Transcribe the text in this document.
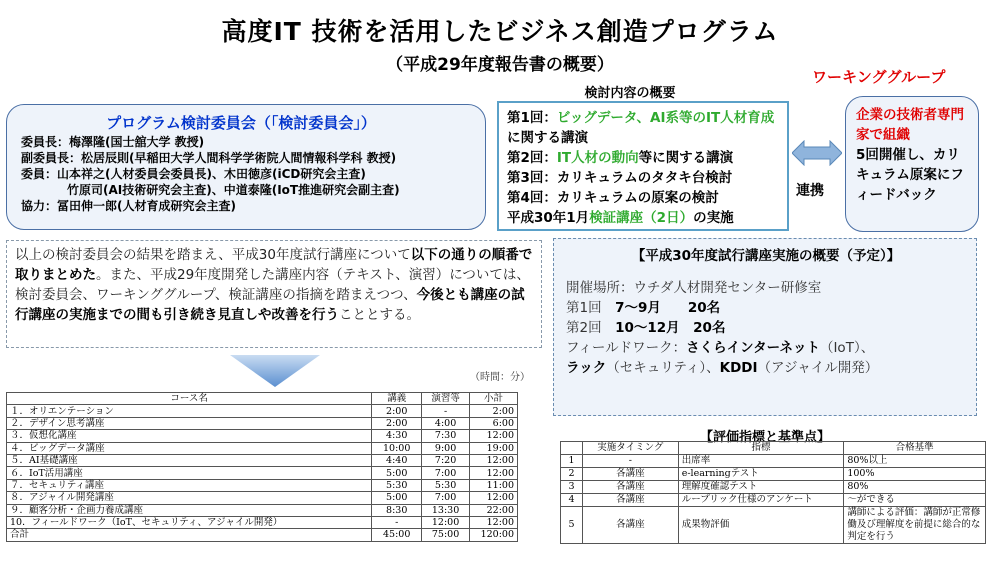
高度IT 技術を活用したビジネス創造プログラム
（平成29年度報告書の概要）
ワーキンググループ
検討内容の概要
プログラム検討委員会（「検討委員会」）
委員長：梅澤隆(国士舘大学 教授)
副委員長：松居辰則(早稲田大学人間科学学術院人間情報科学科 教授)
委員：山本祥之(人材委員会委員長)、木田徳彦(iCD研究会主査)
竹原司(AI技術研究会主査)、中道泰隆(IoT推進研究会副主査)
協力：冨田伸一郎(人材育成研究会主査)
第1回：ビッグデータ、AI系等のIT人材育成に関する講演
第2回：IT人材の動向等に関する講演
第3回：カリキュラムのタタキ台検討
第4回：カリキュラムの原案の検討
平成30年1月検証講座（2日）の実施
連携
企業の技術者専門家で組織
5回開催し、カリキュラム原案にフィードバック
以上の検討委員会の結果を踏まえ、平成30年度試行講座について以下の通りの順番で取りまとめた。また、平成29年度開発した講座内容（テキスト、演習）については、検討委員会、ワーキンググループ、検証講座の指摘を踏まえつつ、今後とも講座の試行講座の実施までの間も引き続き見直しや改善を行うこととする。
（時間：分）
【平成30年度試行講座実施の概要（予定）】
開催場所：ウチダ人材開発センター研修室
第1回　 7～9月　　20名
第2回　 10～12月　20名
フィールドワーク：さくらインターネット（IoT）、
ラック（セキュリティ）、KDDI（アジャイル開発）
コース名	講義	演習等	小計
１．オリエンテーション	2:00	-	2:00
２．デザイン思考講座	2:00	4:00	6:00
３．仮想化講座	4:30	7:30	12:00
４．ビッグデータ講座	10:00	9:00	19:00
５．AI基礎講座	4:40	7:20	12:00
６．IoT活用講座	5:00	7:00	12:00
７．セキュリティ講座	5:30	5:30	11:00
８．アジャイル開発講座	5:00	7:00	12:00
９．顧客分析・企画力養成講座	8:30	13:30	22:00
10．フィールドワーク（IoT、セキュリティ、アジャイル開発）	-	12:00	12:00
合計	45:00	75:00	120:00
【評価指標と基準点】
	実施タイミング	指標	合格基準
1	-	出席率	80%以上
2	各講座	e-learningテスト	100%
3	各講座	理解度確認テスト	80%
4	各講座	ループリック仕様のアンケート	～ができる
5	各講座	成果物評価	講師による評価：講師が正常修働及び理解度を前提に総合的な判定を行う
